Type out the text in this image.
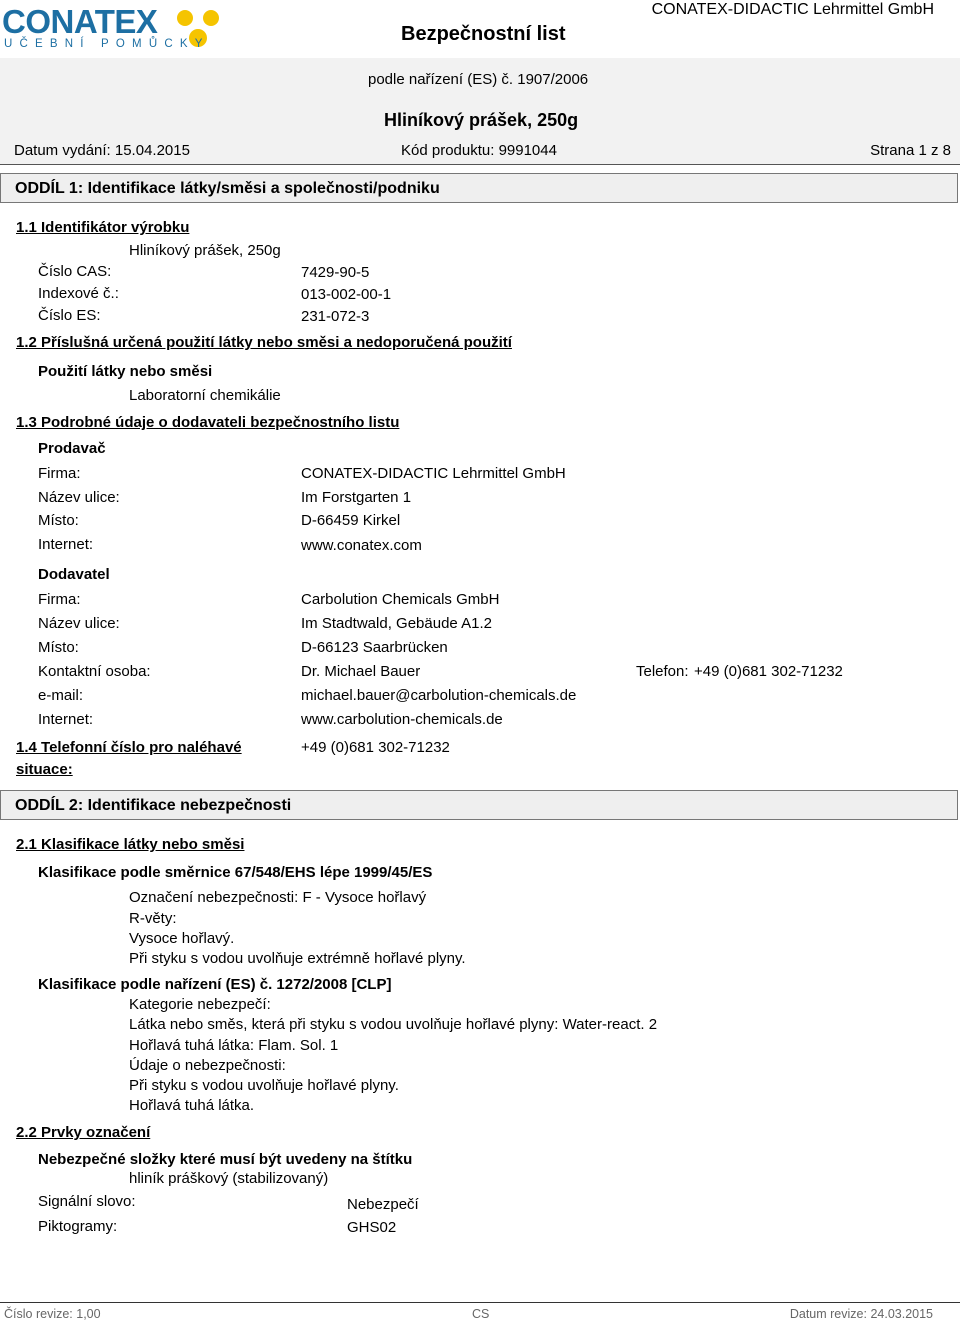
CONATEX
UČEBNÍ POMŮCKY	Bezpečnostní list
CONATEX-DIDACTIC Lehrmittel GmbH
podle nařízení (ES) č. 1907/2006
Hliníkový prášek, 250g
Datum vydání: 15.04.2015	Kód produktu: 9991044	Strana 1 z 8
ODDÍL 1: Identifikace látky/směsi a společnosti/podniku
1.1 Identifikátor výrobku
Hliníkový prášek, 250g
Číslo CAS:	7429-90-5
Indexové č.:	013-002-00-1
Číslo ES:	231-072-3
1.2 Příslušná určená použití látky nebo směsi a nedoporučená použití
Použití látky nebo směsi
Laboratorní chemikálie
1.3 Podrobné údaje o dodavateli bezpečnostního listu
Prodavač
Firma:	CONATEX-DIDACTIC Lehrmittel GmbH
Název ulice:	Im Forstgarten 1
Místo:	D-66459 Kirkel
Internet:	www.conatex.com
Dodavatel
Firma:	Carbolution Chemicals GmbH
Název ulice:	Im Stadtwald, Gebäude A1.2
Místo:	D-66123 Saarbrücken
Kontaktní osoba:	Dr. Michael Bauer	Telefon: +49 (0)681 302-71232
e-mail:	michael.bauer@carbolution-chemicals.de
Internet:	www.carbolution-chemicals.de
1.4 Telefonní číslo pro naléhavé
situace:
+49 (0)681 302-71232
ODDÍL 2: Identifikace nebezpečnosti
2.1 Klasifikace látky nebo směsi
Klasifikace podle směrnice 67/548/EHS lépe 1999/45/ES
Označení nebezpečnosti: F - Vysoce hořlavý
R-věty:
Vysoce hořlavý.
Při styku s vodou uvolňuje extrémně hořlavé plyny.
Klasifikace podle nařízení (ES) č. 1272/2008 [CLP]
Kategorie nebezpečí:
Látka nebo směs, která při styku s vodou uvolňuje hořlavé plyny: Water-react. 2
Hořlavá tuhá látka: Flam. Sol. 1
Údaje o nebezpečnosti:
Při styku s vodou uvolňuje hořlavé plyny.
Hořlavá tuhá látka.
2.2 Prvky označení
Nebezpečné složky které musí být uvedeny na štítku
hliník práškový (stabilizovaný)
Signální slovo:	Nebezpečí
Piktogramy:	GHS02
Číslo revize: 1,00	CS	Datum revize: 24.03.2015
